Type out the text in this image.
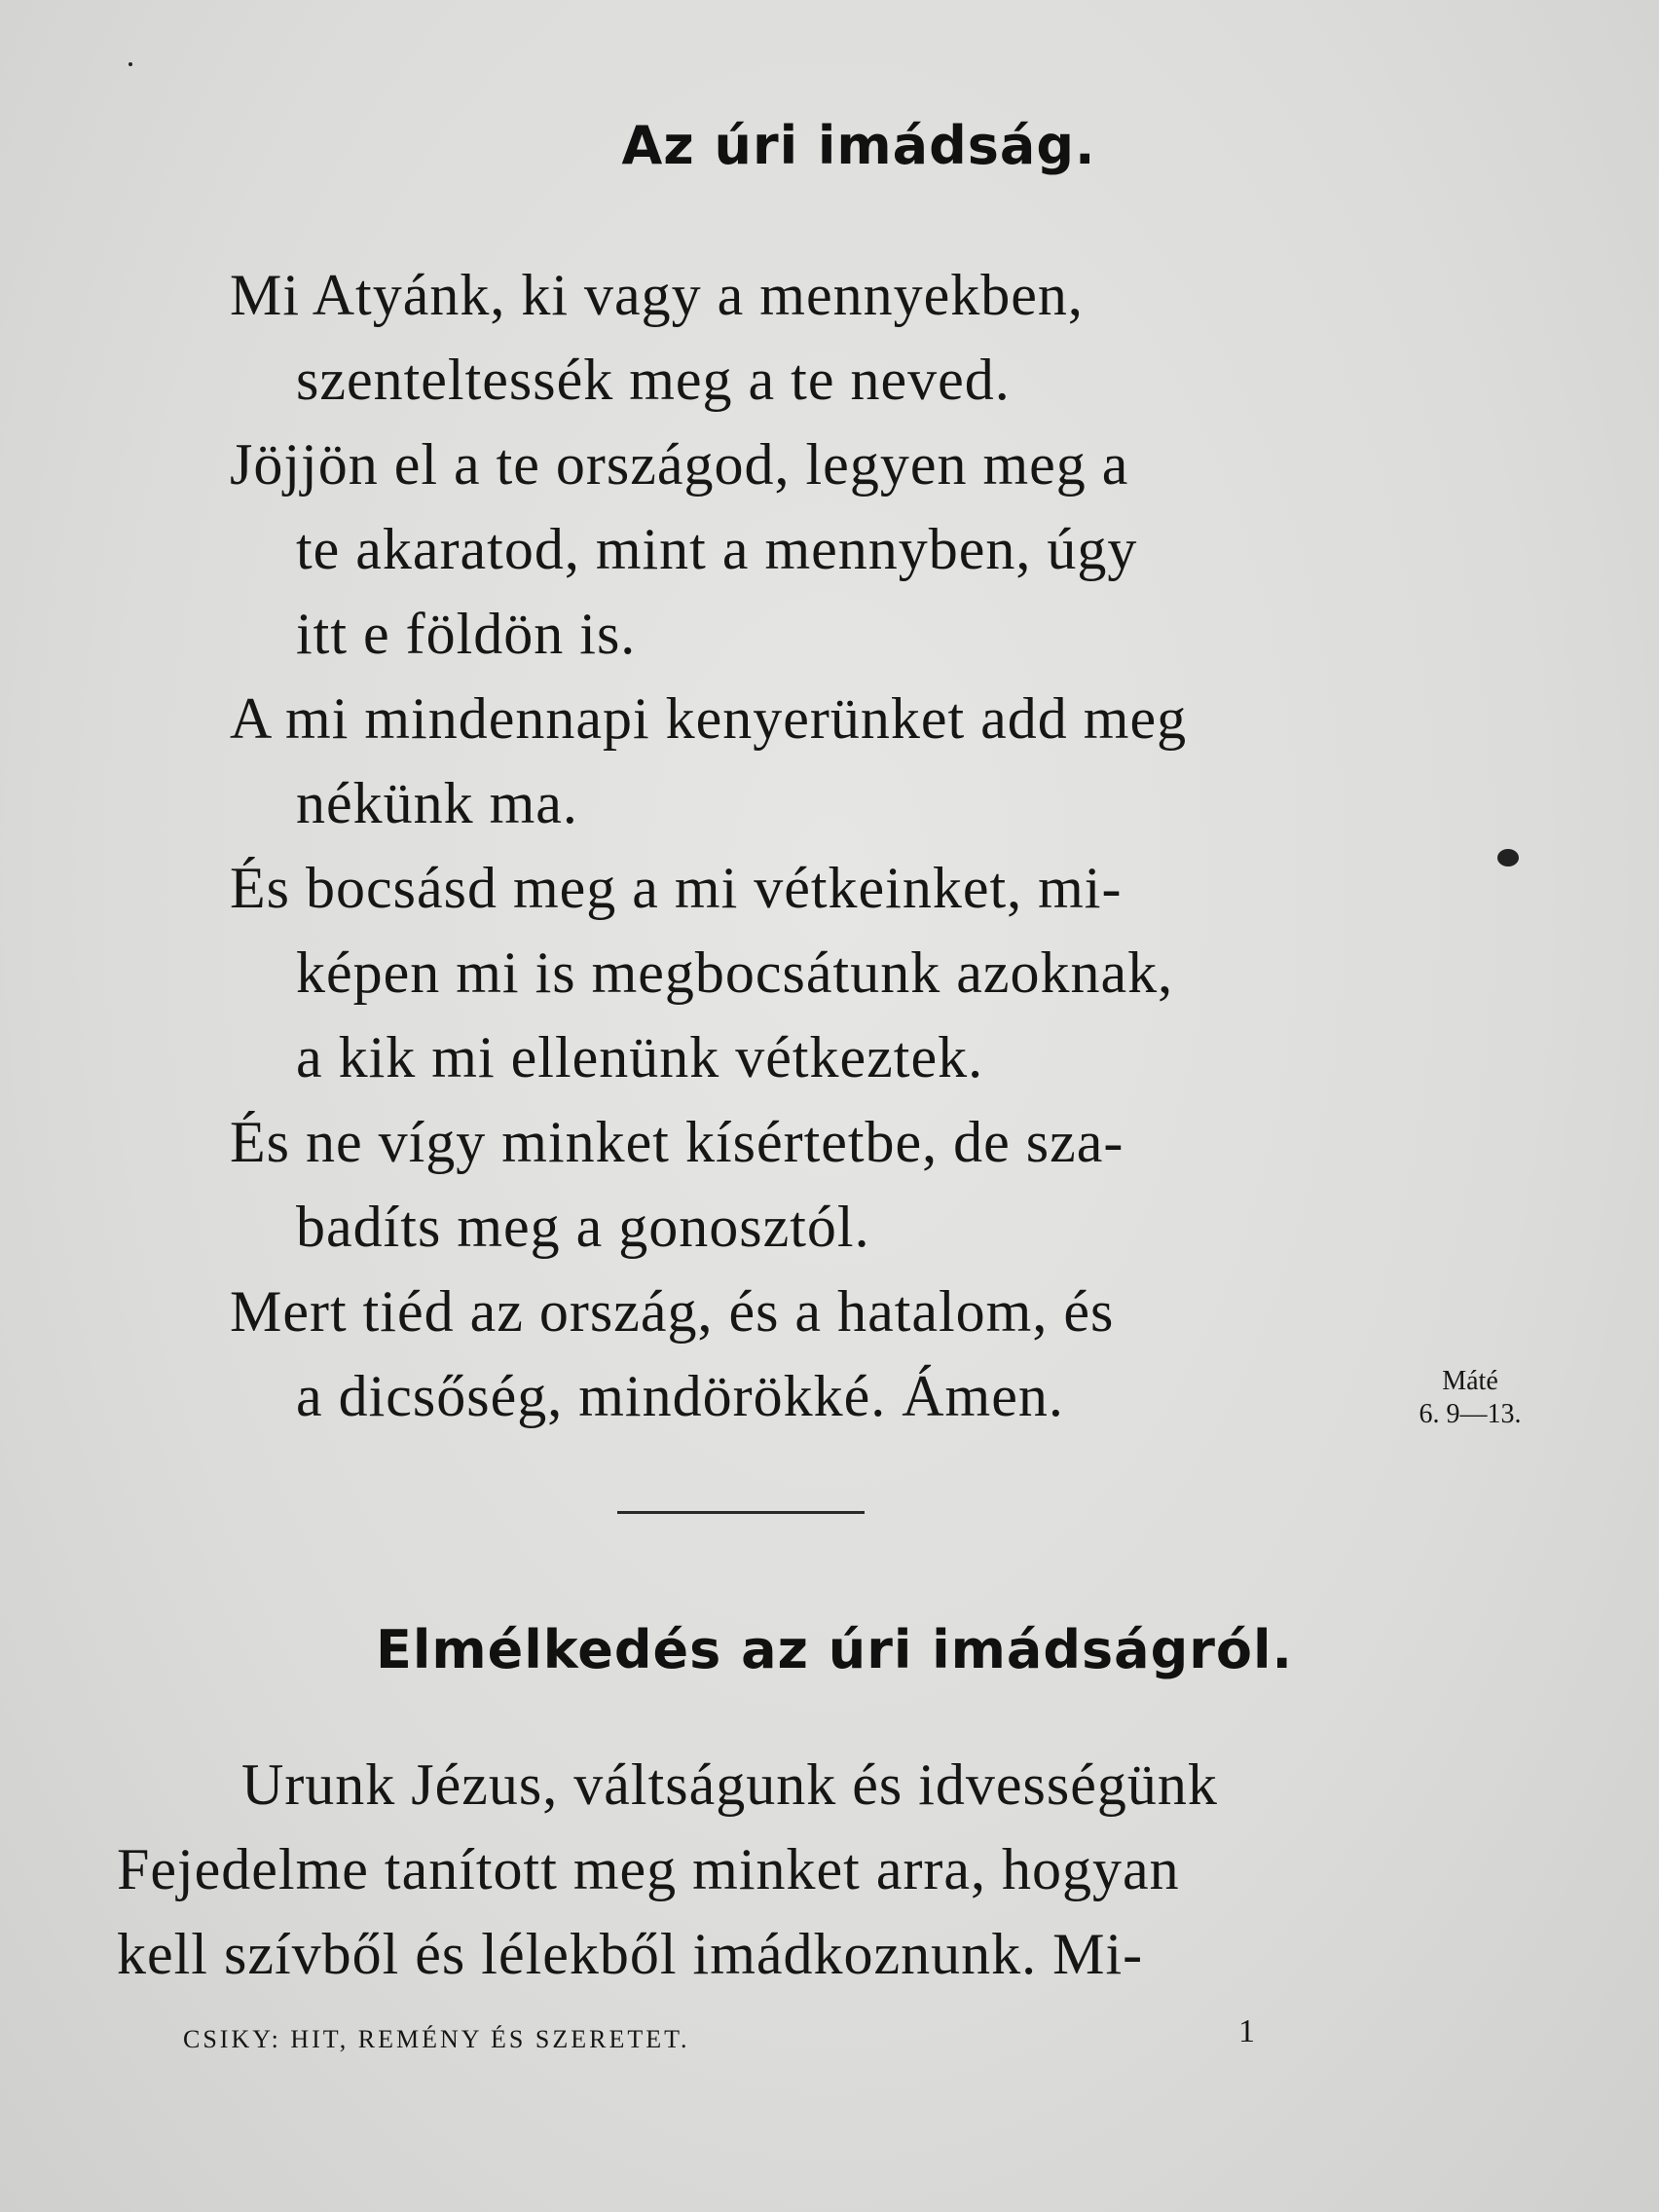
Az úri imádság.
Mi Atyánk, ki vagy a mennyekben,
szenteltessék meg a te neved.
Jöjjön el a te országod, legyen meg a
te akaratod, mint a mennyben, úgy
itt e földön is.
A mi mindennapi kenyerünket add meg
nékünk ma.
És bocsásd meg a mi vétkeinket, mi-
képen mi is megbocsátunk azoknak,
a kik mi ellenünk vétkeztek.
És ne vígy minket kísértetbe, de sza-
badíts meg a gonosztól.
Mert tiéd az ország, és a hatalom, és
a dicsőség, mindörökké. Ámen.	Máté
6. 9—13.
Elmélkedés az úri imádságról.
Urunk Jézus, váltságunk és idvességünk
Fejedelme tanított meg minket arra, hogyan
kell szívből és lélekből imádkoznunk. Mi-
CSIKY: HIT, REMÉNY ÉS SZERETET.	1
